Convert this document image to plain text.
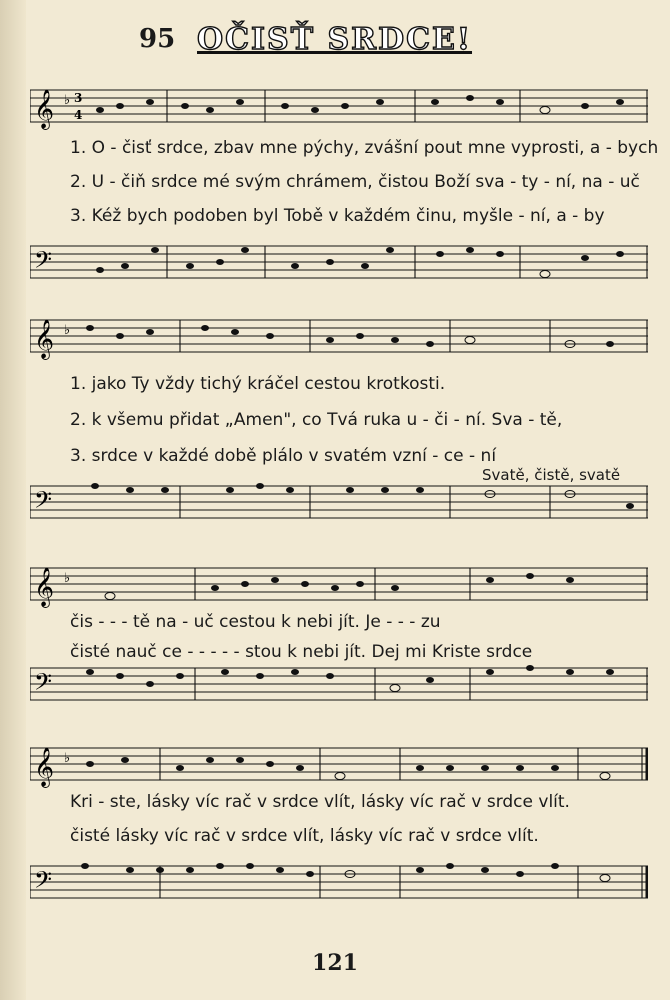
95 OČISŤ SRDCE!
𝄞 ♭ 3
4
1. O - čisť srdce, zbav mne pýchy, zvášní pout mne vyprosti, a - bych
2. U - čiň srdce mé svým chrámem, čistou Boží sva - ty - ní, na - uč
3. Kéž bych podoben byl Tobě v každém činu, myšle - ní, a - by
𝄢
𝄞 ♭
1. jako Ty vždy tichý kráčel cestou krotkosti.
2. k všemu přidat „Amen", co Tvá ruka u - či - ní. Sva - tě,
3. srdce v každé době plálo v svatém vzní - ce - ní
Svatě, čistě, svatě
𝄢
𝄞 ♭
čis - - - tě na - uč cestou k nebi jít. Je - - - zu
čisté nauč ce - - - - - stou k nebi jít. Dej mi Kriste srdce
𝄢
𝄞 ♭
Kri - ste, lásky víc rač v srdce vlít, lásky víc rač v srdce vlít.
čisté lásky víc rač v srdce vlít, lásky víc rač v srdce vlít.
𝄢
121
